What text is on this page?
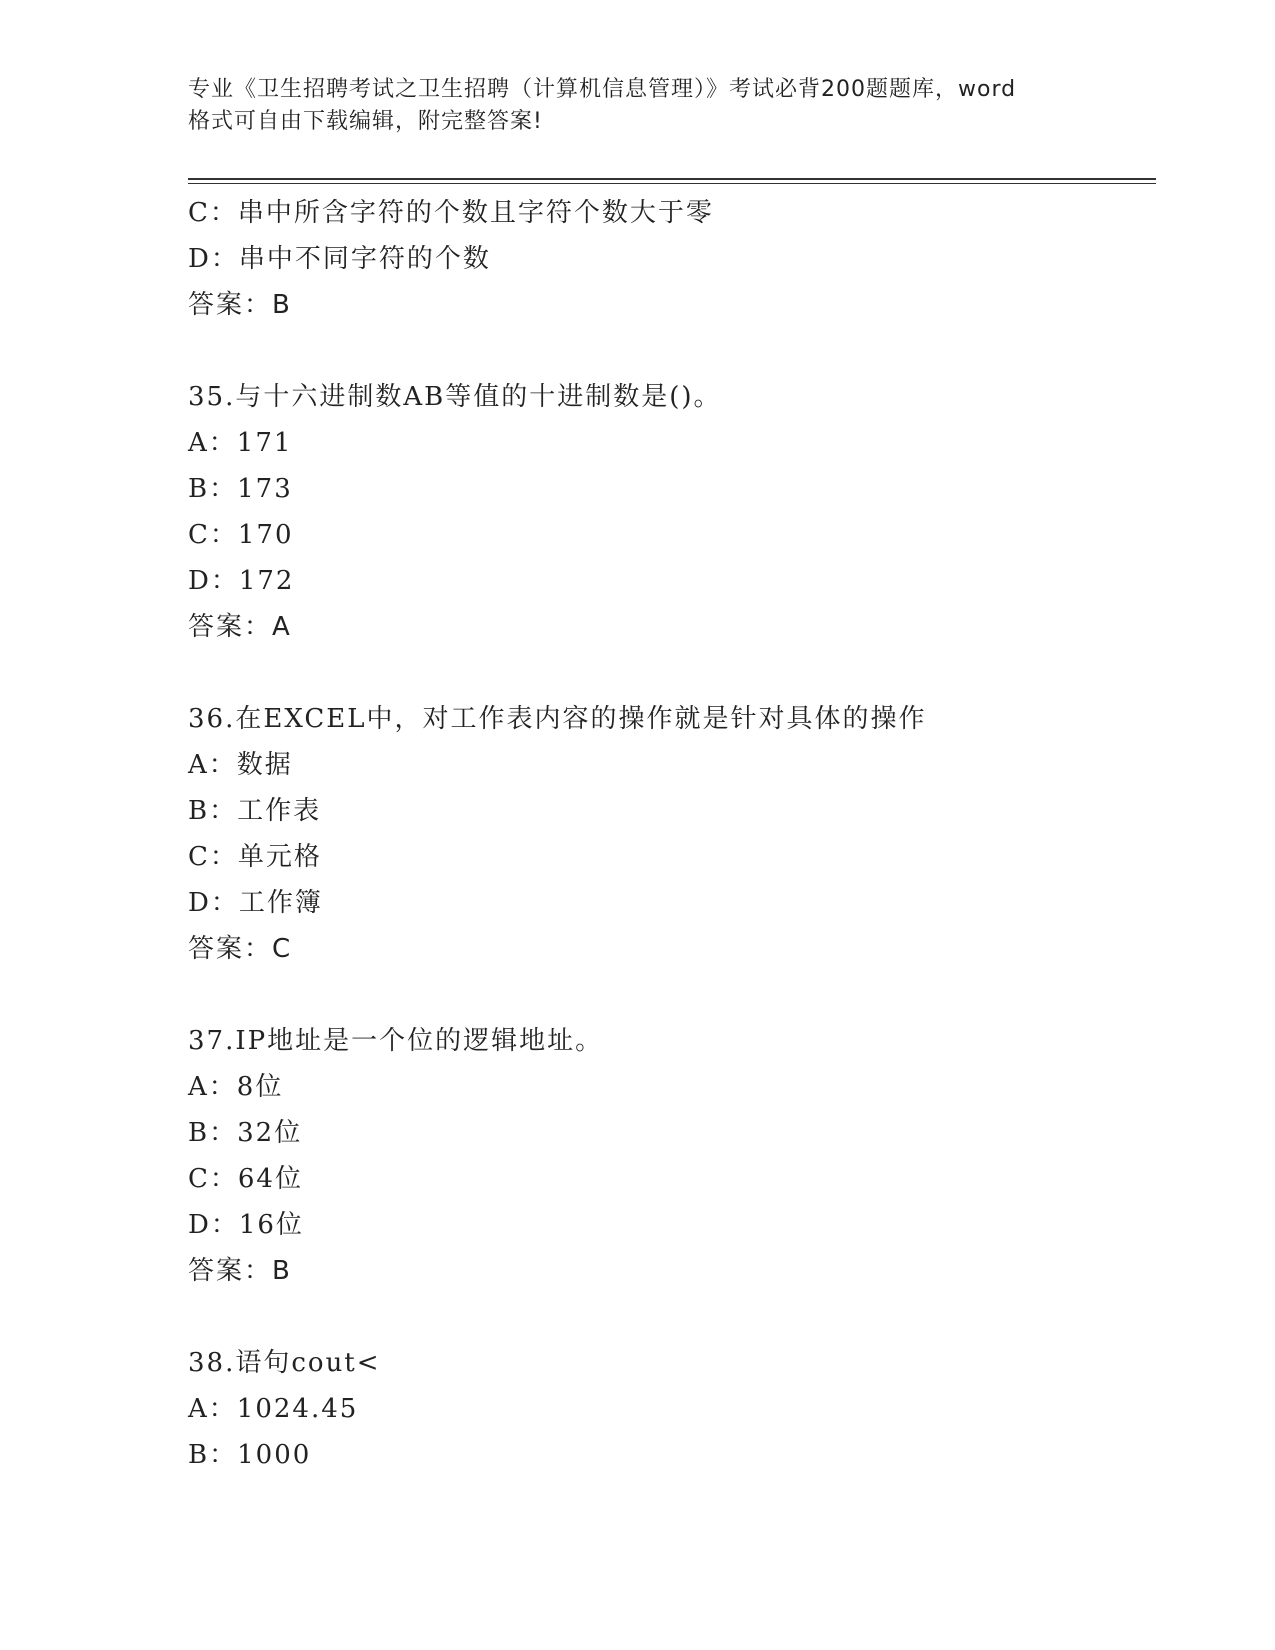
专业《卫生招聘考试之卫生招聘（计算机信息管理）》考试必背200题题库，word
格式可自由下载编辑，附完整答案!
C：串中所含字符的个数且字符个数大于零
D：串中不同字符的个数
答案：B
35.与十六进制数AB等值的十进制数是()。
A：171
B：173
C：170
D：172
答案：A
36.在EXCEL中，对工作表内容的操作就是针对具体的操作
A：数据
B：工作表
C：单元格
D：工作簿
答案：C
37.IP地址是一个位的逻辑地址。
A：8位
B：32位
C：64位
D：16位
答案：B
38.语句cout<
A：1024.45
B：1000
